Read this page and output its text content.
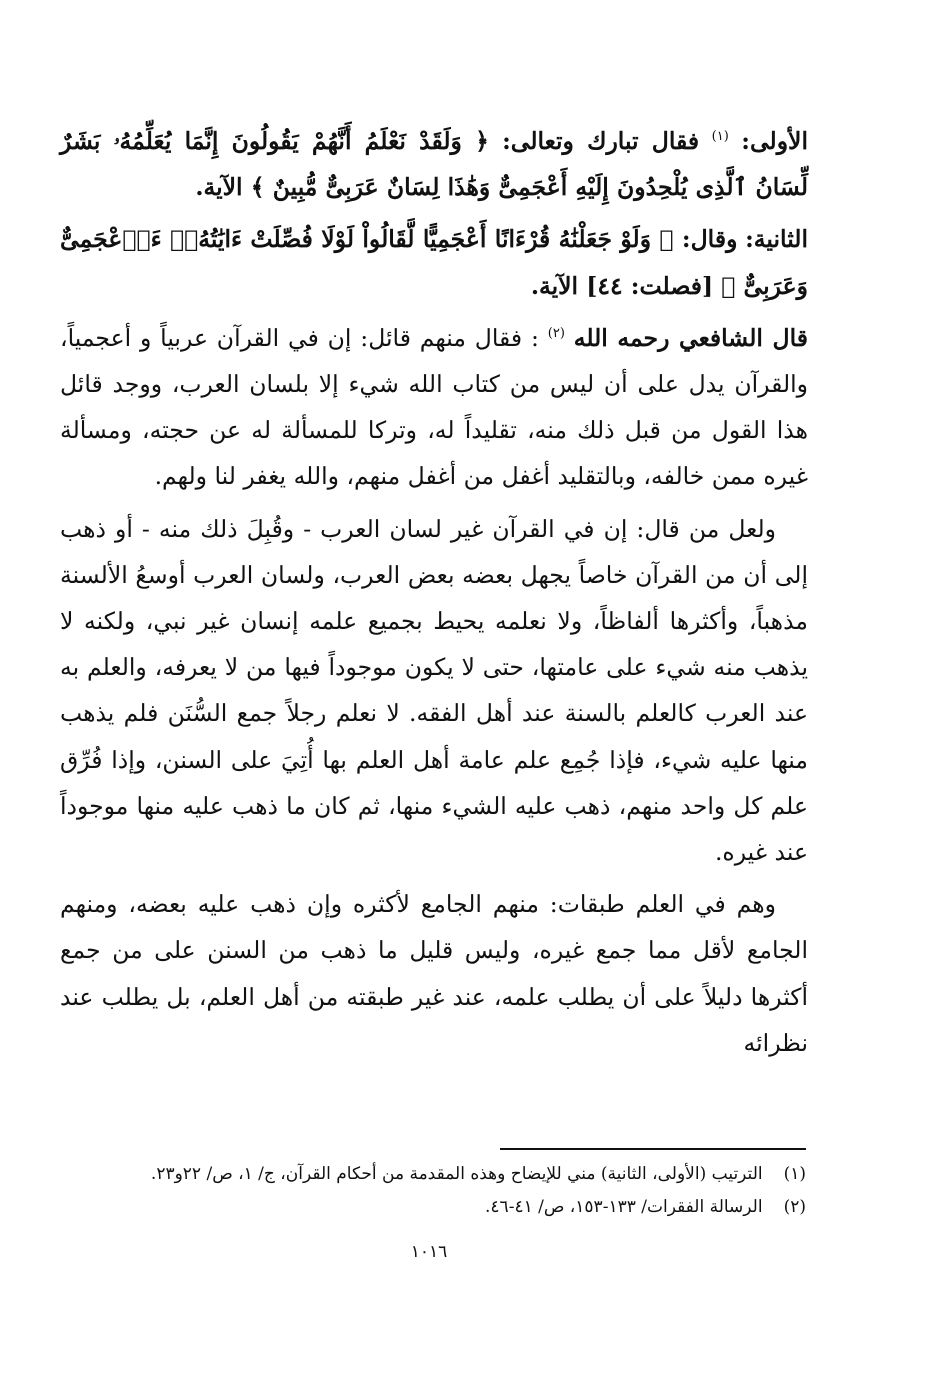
الأولى: $^{(١)}$ فقال تبارك وتعالى: ﴿ وَلَقَدْ نَعْلَمُ أَنَّهُمْ يَقُولُونَ إِنَّمَا يُعَلِّمُهُۥ بَشَرٌ لِّسَانُ ٱلَّذِى يُلْحِدُونَ إِلَيْهِ أَعْجَمِىٌّ وَهَٰذَا لِسَانٌ عَرَبِىٌّ مُّبِينٌ ﴾ الآية.

الثانية: وقال: ﴿ وَلَوْ جَعَلْنَٰهُ قُرْءَانًا أَعْجَمِيًّا لَّقَالُواْ لَوْلَا فُصِّلَتْ ءَايَٰتُهُۥٓ ءَا۬عْجَمِىٌّ وَعَرَبِىٌّ ﴾ [فصلت: ٤٤] الآية.

قال الشافعي رحمه الله $^{(٢)}$ : فقال منهم قائل: إن في القرآن عربياً و أعجمياً، والقرآن يدل على أن ليس من كتاب الله شيء إلا بلسان العرب، ووجد قائل هذا القول من قبل ذلك منه، تقليداً له، وتركا للمسألة له عن حجته، ومسألة غيره ممن خالفه، وبالتقليد أغفل من أغفل منهم، والله يغفر لنا ولهم.

ولعل من قال: إن في القرآن غير لسان العرب - وقُبِلَ ذلك منه - أو ذهب إلى أن من القرآن خاصاً يجهل بعضه بعض العرب، ولسان العرب أوسعُ الألسنة مذهباً، وأكثرها ألفاظاً، ولا نعلمه يحيط بجميع علمه إنسان غير نبي، ولكنه لا يذهب منه شيء على عامتها، حتى لا يكون موجوداً فيها من لا يعرفه، والعلم به عند العرب كالعلم بالسنة عند أهل الفقه. لا نعلم رجلاً جمع السُّنَن فلم يذهب منها عليه شيء، فإذا جُمِع علم عامة أهل العلم بها أُتِيَ على السنن، وإذا فُرِّق علم كل واحد منهم، ذهب عليه الشيء منها، ثم كان ما ذهب عليه منها موجوداً عند غيره.

وهم في العلم طبقات: منهم الجامع لأكثره وإن ذهب عليه بعضه، ومنهم الجامع لأقل مما جمع غيره، وليس قليل ما ذهب من السنن على من جمع أكثرها دليلاً على أن يطلب علمه، عند غير طبقته من أهل العلم، بل يطلب عند نظرائه

(١) الترتيب (الأولى، الثانية) مني للإيضاح وهذه المقدمة من أحكام القرآن، ج/ ١، ص/ ٢٢و٢٣.

(٢) الرسالة الفقرات/ ١٣٣-١٥٣، ص/ ٤١-٤٦.

١٠١٦
